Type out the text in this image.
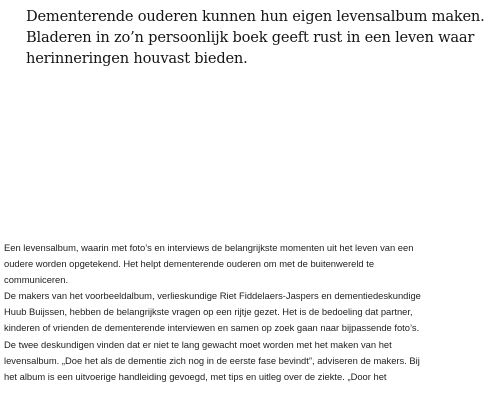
Dementerende ouderen kunnen hun eigen levensalbum maken.
Bladeren in zo’n persoonlijk boek geeft rust in een leven waar
herinneringen houvast bieden.
Een levensalbum, waarin met foto’s en interviews de belangrijkste momenten uit het leven van een
oudere worden opgetekend. Het helpt dementerende ouderen om met de buitenwereld te
communiceren.
De makers van het voorbeeldalbum, verlieskundige Riet Fiddelaers-Jaspers en dementiedeskundige
Huub Buijssen, hebben de belangrijkste vragen op een rijtje gezet. Het is de bedoeling dat partner,
kinderen of vrienden de dementerende interviewen en samen op zoek gaan naar bijpassende foto’s.
De twee deskundigen vinden dat er niet te lang gewacht moet worden met het maken van het
levensalbum. „Doe het als de dementie zich nog in de eerste fase bevindt”, adviseren de makers. Bij
het album is een uitvoerige handleiding gevoegd, met tips en uitleg over de ziekte. „Door het
